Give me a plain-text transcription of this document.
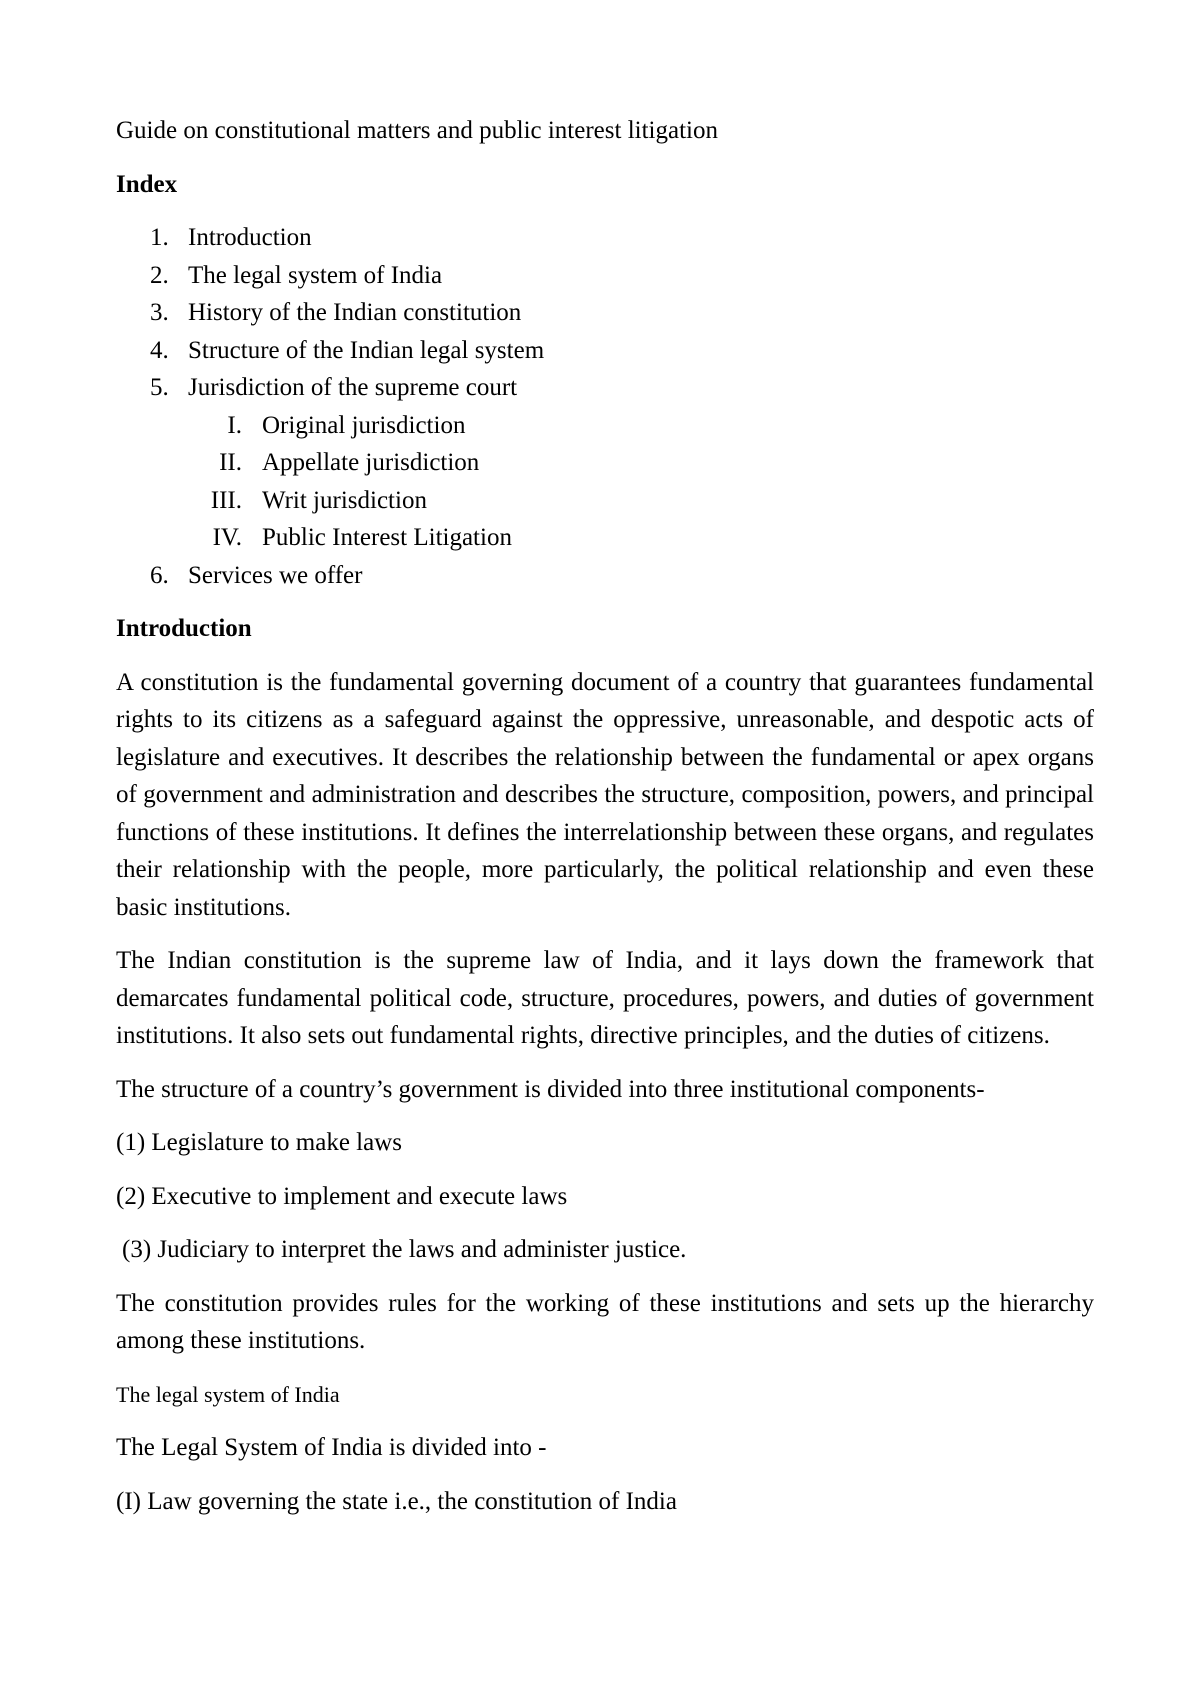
Guide on constitutional matters and public interest litigation

Index

1. Introduction
2. The legal system of India
3. History of the Indian constitution
4. Structure of the Indian legal system
5. Jurisdiction of the supreme court
I. Original jurisdiction
II. Appellate jurisdiction
III. Writ jurisdiction
IV. Public Interest Litigation
6. Services we offer

Introduction

A constitution is the fundamental governing document of a country that guarantees fundamental rights to its citizens as a safeguard against the oppressive, unreasonable, and despotic acts of legislature and executives. It describes the relationship between the fundamental or apex organs of government and administration and describes the structure, composition, powers, and principal functions of these institutions. It defines the interrelationship between these organs, and regulates their relationship with the people, more particularly, the political relationship and even these basic institutions.

The Indian constitution is the supreme law of India, and it lays down the framework that demarcates fundamental political code, structure, procedures, powers, and duties of government institutions. It also sets out fundamental rights, directive principles, and the duties of citizens.

The structure of a country’s government is divided into three institutional components-

(1) Legislature to make laws

(2) Executive to implement and execute laws

(3) Judiciary to interpret the laws and administer justice.

The constitution provides rules for the working of these institutions and sets up the hierarchy among these institutions.

The legal system of India

The Legal System of India is divided into -

(I) Law governing the state i.e., the constitution of India
